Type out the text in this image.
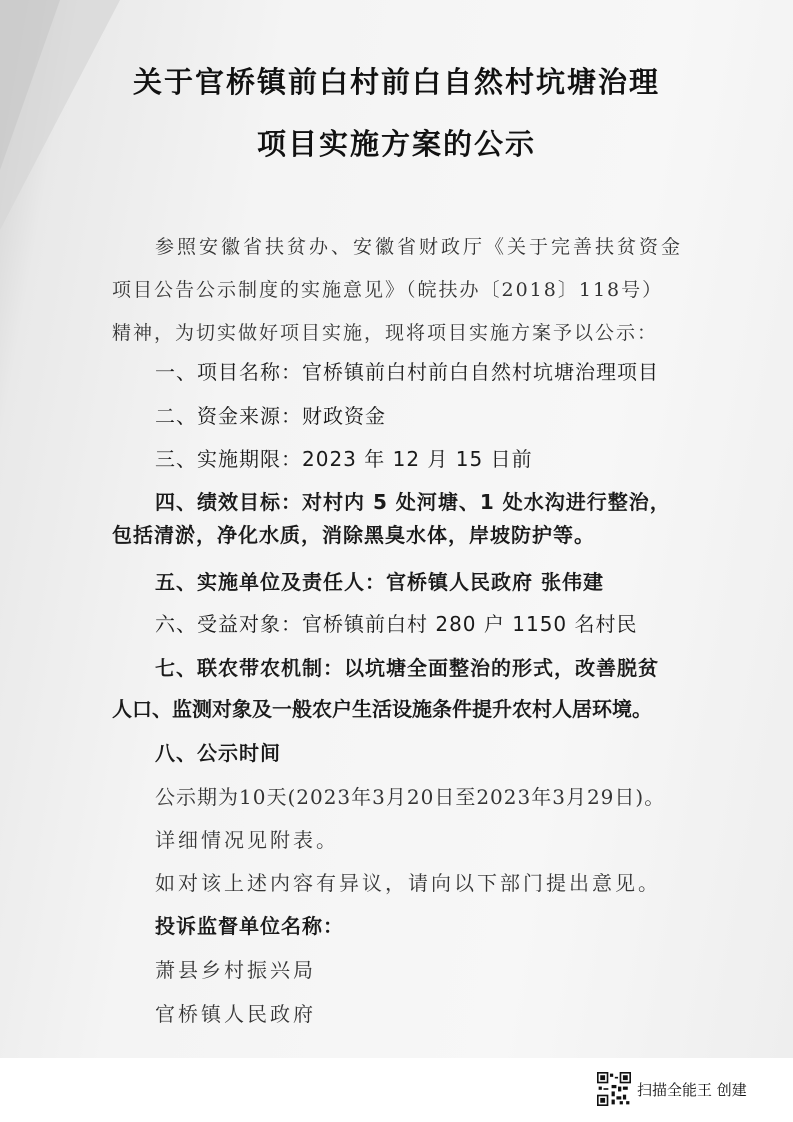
关于官桥镇前白村前白自然村坑塘治理
项目实施方案的公示
参照安徽省扶贫办、安徽省财政厅《关于完善扶贫资金
项目公告公示制度的实施意见》（皖扶办〔2018〕118号）
精神，为切实做好项目实施，现将项目实施方案予以公示：
一、项目名称：官桥镇前白村前白自然村坑塘治理项目
二、资金来源：财政资金
三、实施期限：2023 年 12 月 15 日前
四、绩效目标：对村内 5 处河塘、1 处水沟进行整治，
包括清淤，净化水质，消除黑臭水体，岸坡防护等。
五、实施单位及责任人：官桥镇人民政府 张伟建
六、受益对象：官桥镇前白村 280 户 1150 名村民
七、联农带农机制：以坑塘全面整治的形式，改善脱贫
人口、监测对象及一般农户生活设施条件提升农村人居环境。
八、公示时间
公示期为10天(2023年3月20日至2023年3月29日)。
详细情况见附表。
如对该上述内容有异议，请向以下部门提出意见。
投诉监督单位名称：
萧县乡村振兴局
官桥镇人民政府
扫描全能王 创建
